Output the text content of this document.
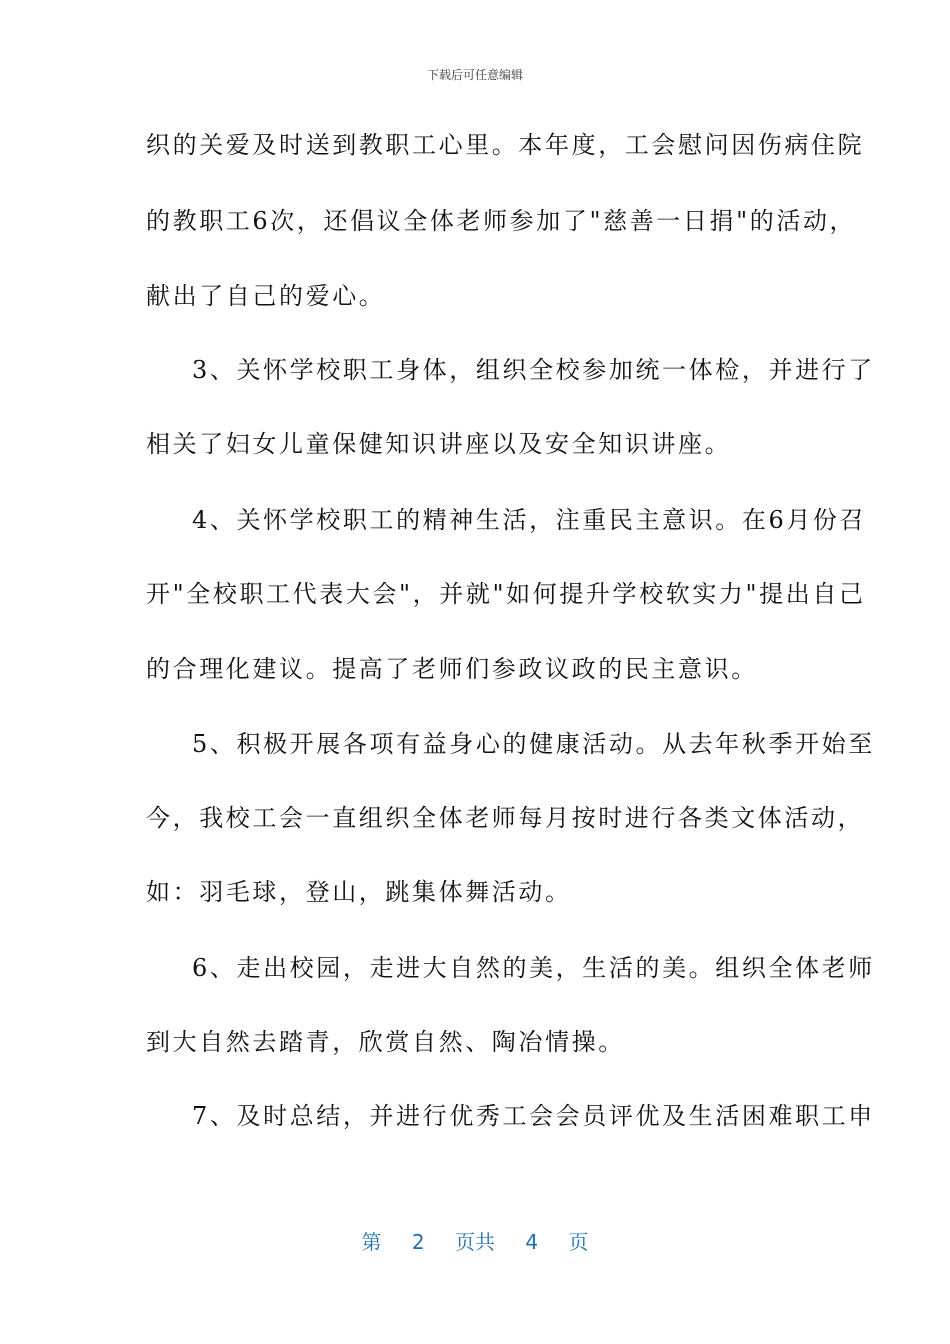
下载后可任意编辑
织的关爱及时送到教职工心里。本年度，工会慰问因伤病住院
的教职工6次，还倡议全体老师参加了"慈善一日捐"的活动，
献出了自己的爱心。
3、关怀学校职工身体，组织全校参加统一体检，并进行了
相关了妇女儿童保健知识讲座以及安全知识讲座。
4、关怀学校职工的精神生活，注重民主意识。在6月份召
开"全校职工代表大会"，并就"如何提升学校软实力"提出自己
的合理化建议。提高了老师们参政议政的民主意识。
5、积极开展各项有益身心的健康活动。从去年秋季开始至
今，我校工会一直组织全体老师每月按时进行各类文体活动，
如：羽毛球，登山，跳集体舞活动。
6、走出校园，走进大自然的美，生活的美。组织全体老师
到大自然去踏青，欣赏自然、陶冶情操。
7、及时总结，并进行优秀工会会员评优及生活困难职工申
第 2 页共 4 页
